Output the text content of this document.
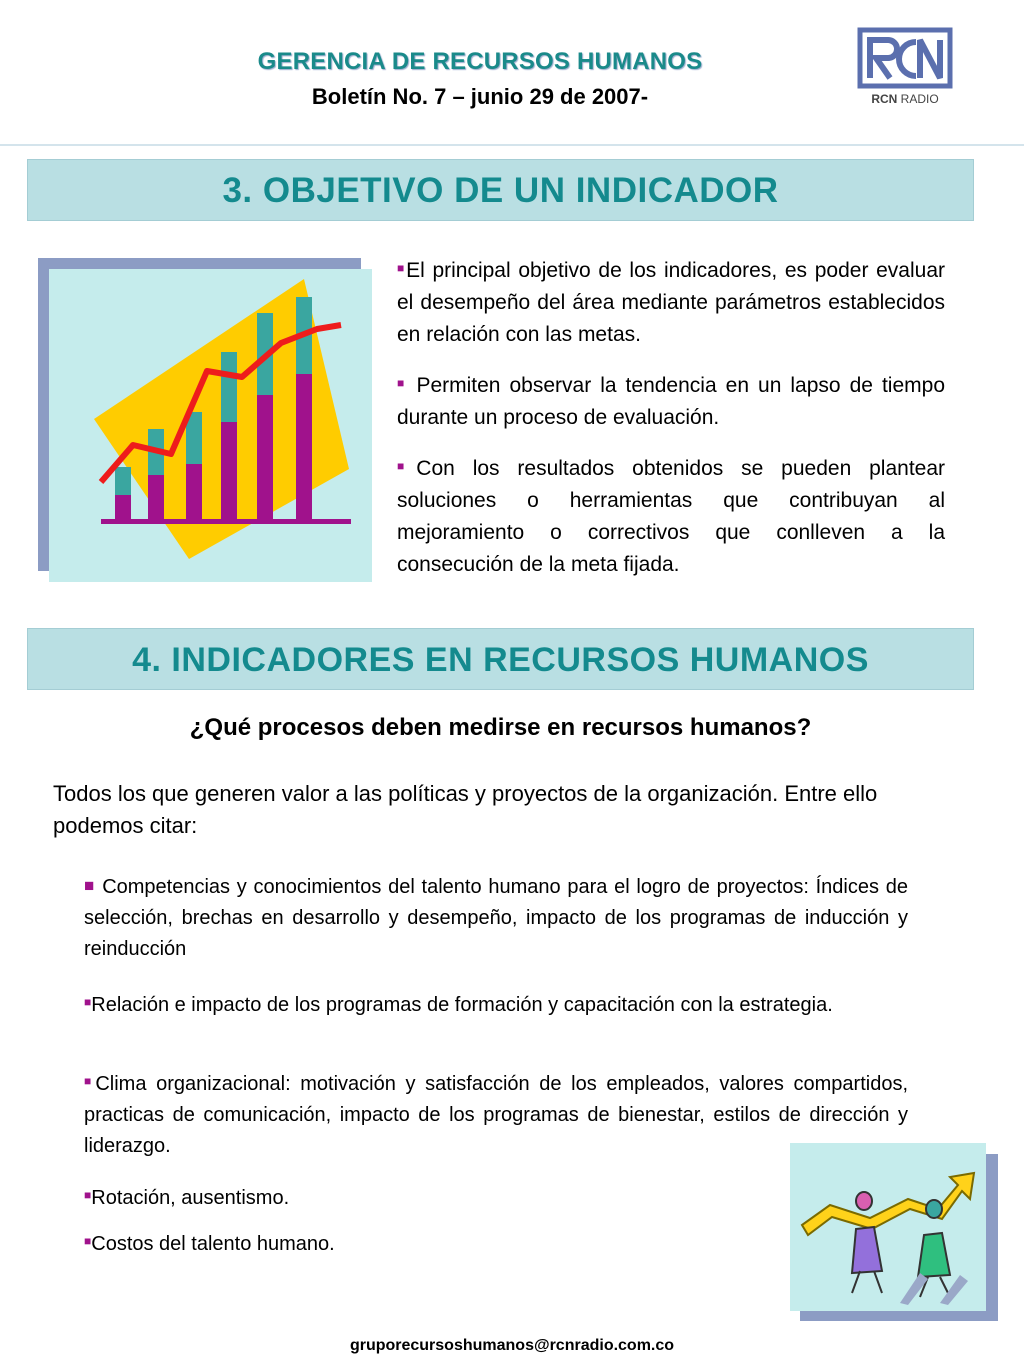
GERENCIA DE RECURSOS HUMANOS
Boletín No. 7 – junio 29 de 2007-	RCN RADIO
3. OBJETIVO DE UN INDICADOR

■El principal objetivo de los indicadores, es poder evaluar el desempeño del área mediante parámetros establecidos en relación con las metas.

■ Permiten observar la tendencia en un lapso de tiempo durante un proceso de evaluación.

■Con los resultados obtenidos se pueden plantear soluciones o herramientas que contribuyan al mejoramiento o correctivos que conlleven a la consecución de la meta fijada.

4. INDICADORES EN RECURSOS HUMANOS
¿Qué procesos deben medirse en recursos humanos?
Todos los que generen valor a las políticas y proyectos de la organización. Entre ello podemos citar:
■ Competencias y conocimientos del talento humano para el logro de proyectos: Índices de selección, brechas en desarrollo y desempeño, impacto de los programas de inducción y reinducción
■Relación e impacto de los programas de formación y capacitación con la estrategia.
■Clima organizacional: motivación y satisfacción de los empleados, valores compartidos, practicas de comunicación, impacto de los programas de bienestar, estilos de dirección y liderazgo.
■Rotación, ausentismo.
■Costos del talento humano.
gruporecursoshumanos@rcnradio.com.co
